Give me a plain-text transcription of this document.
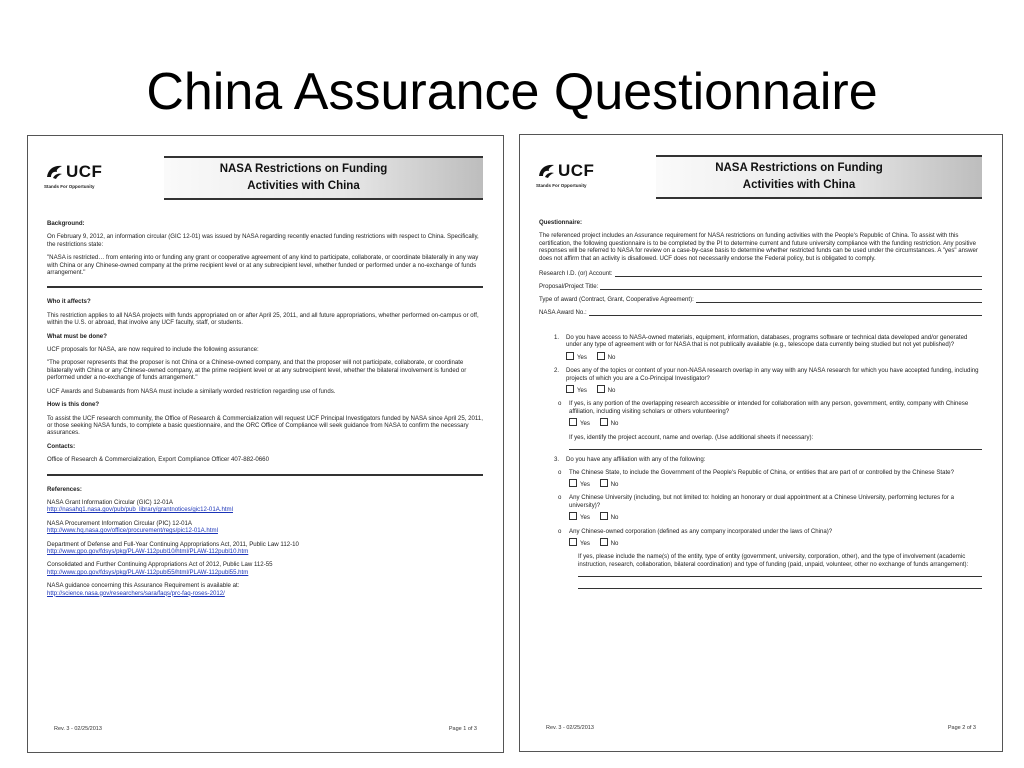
China Assurance Questionnaire
UCF
Stands For Opportunity
NASA Restrictions on Funding
Activities with China
Background:

On February 9, 2012, an information circular (GIC 12-01) was issued by NASA regarding recently enacted funding restrictions with respect to China. Specifically, the restrictions state:

"NASA is restricted… from entering into or funding any grant or cooperative agreement of any kind to participate, collaborate, or coordinate bilaterally in any way with China or any Chinese-owned company at the prime recipient level or at any subrecipient level, whether funded or performed under a no-exchange of funds arrangement."

Who it affects?

This restriction applies to all NASA projects with funds appropriated on or after April 25, 2011, and all future appropriations, whether performed on-campus or off, within the U.S. or abroad, that involve any UCF faculty, staff, or students.

What must be done?

UCF proposals for NASA, are now required to include the following assurance:

"The proposer represents that the proposer is not China or a Chinese-owned company, and that the proposer will not participate, collaborate, or coordinate bilaterally with China or any Chinese-owned company, at the prime recipient level or at any subrecipient level, whether the bilateral involvement is funded or performed under a no-exchange of funds arrangement."

UCF Awards and Subawards from NASA must include a similarly worded restriction regarding use of funds.

How is this done?

To assist the UCF research community, the Office of Research & Commercialization will request UCF Principal Investigators funded by NASA since April 25, 2011, or those seeking NASA funds, to complete a basic questionnaire, and the ORC Office of Compliance will seek guidance from NASA to confirm the necessary assurances.

Contacts:

Office of Research & Commercialization, Export Compliance Officer 407-882-0660

References:
NASA Grant Information Circular (GIC) 12-01A
http://nasahq1.nasa.gov/pub/pub_library/grantnotices/gic12-01A.html
NASA Procurement Information Circular (PIC) 12-01A
http://www.hq.nasa.gov/office/procurement/regs/pic12-01A.html
Department of Defense and Full-Year Continuing Appropriations Act, 2011, Public Law 112-10
http://www.gpo.gov/fdsys/pkg/PLAW-112publ10/html/PLAW-112publ10.htm
Consolidated and Further Continuing Appropriations Act of 2012, Public Law 112-55
http://www.gpo.gov/fdsys/pkg/PLAW-112publ55/html/PLAW-112publ55.htm
NASA guidance concerning this Assurance Requirement is available at:
http://science.nasa.gov/researchers/sara/faqs/prc-faq-roses-2012/
Rev. 3 - 02/25/2013	Page 1 of 3
UCF
Stands For Opportunity
NASA Restrictions on Funding
Activities with China
Questionnaire:

The referenced project includes an Assurance requirement for NASA restrictions on funding activities with the People's Republic of China. To assist with this certification, the following questionnaire is to be completed by the PI to determine current and future university compliance with the funding restriction. Any positive responses will be referred to NASA for review on a case-by-case basis to determine whether restricted funds can be used under the circumstances. A "yes" answer does not affirm that an activity is disallowed. UCF does not necessarily endorse the Federal policy, but is obligated to comply.

Research I.D. (or) Account:
Proposal/Project Title:
Type of award (Contract, Grant, Cooperative Agreement):
NASA Award No.:
1. Do you have access to NASA-owned materials, equipment, information, databases, programs software or technical data developed and/or generated under any type of agreement with or for NASA that is not publically available (e.g., telescope data currently being studied but not yet published)?
Yes	No
2. Does any of the topics or content of your non-NASA research overlap in any way with any NASA research for which you have accepted funding, including projects of which you are a Co-Principal Investigator?
Yes	No
o If yes, is any portion of the overlapping research accessible or intended for collaboration with any person, government, entity, company with Chinese affiliation, including visiting scholars or others volunteering?
Yes	No
If yes, identify the project account, name and overlap. (Use additional sheets if necessary):
3. Do you have any affiliation with any of the following:
o The Chinese State, to include the Government of the People's Republic of China, or entities that are part of or controlled by the Chinese State?
Yes	No
o Any Chinese University (including, but not limited to: holding an honorary or dual appointment at a Chinese University, performing lectures for a university)?
Yes	No
o Any Chinese-owned corporation (defined as any company incorporated under the laws of China)?
Yes	No
If yes, please include the name(s) of the entity, type of entity (government, university, corporation, other), and the type of involvement (academic instruction, research, collaboration, bilateral coordination) and type of funding (paid, unpaid, volunteer, other no exchange of funds arrangement):
Rev. 3 - 02/25/2013	Page 2 of 3
